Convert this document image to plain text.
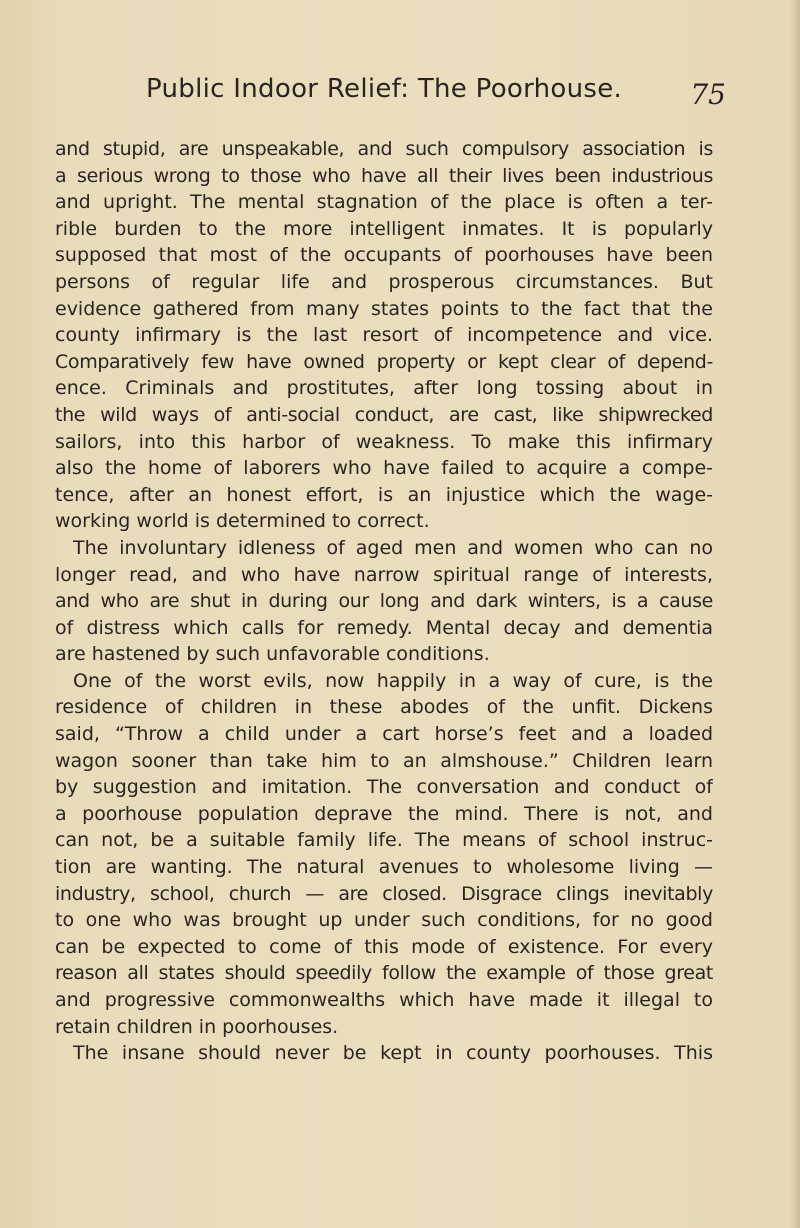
Public Indoor Relief: The Poorhouse. 75
and stupid, are unspeakable, and such compulsory association is
a serious wrong to those who have all their lives been industrious
and upright. The mental stagnation of the place is often a ter-
rible burden to the more intelligent inmates. It is popularly
supposed that most of the occupants of poorhouses have been
persons of regular life and prosperous circumstances. But
evidence gathered from many states points to the fact that the
county infirmary is the last resort of incompetence and vice.
Comparatively few have owned property or kept clear of depend-
ence. Criminals and prostitutes, after long tossing about in
the wild ways of anti-social conduct, are cast, like shipwrecked
sailors, into this harbor of weakness. To make this infirmary
also the home of laborers who have failed to acquire a compe-
tence, after an honest effort, is an injustice which the wage-
working world is determined to correct.
The involuntary idleness of aged men and women who can no
longer read, and who have narrow spiritual range of interests,
and who are shut in during our long and dark winters, is a cause
of distress which calls for remedy. Mental decay and dementia
are hastened by such unfavorable conditions.
One of the worst evils, now happily in a way of cure, is the
residence of children in these abodes of the unfit. Dickens
said, “Throw a child under a cart horse’s feet and a loaded
wagon sooner than take him to an almshouse.” Children learn
by suggestion and imitation. The conversation and conduct of
a poorhouse population deprave the mind. There is not, and
can not, be a suitable family life. The means of school instruc-
tion are wanting. The natural avenues to wholesome living —
industry, school, church — are closed. Disgrace clings inevitably
to one who was brought up under such conditions, for no good
can be expected to come of this mode of existence. For every
reason all states should speedily follow the example of those great
and progressive commonwealths which have made it illegal to
retain children in poorhouses.
The insane should never be kept in county poorhouses. This
